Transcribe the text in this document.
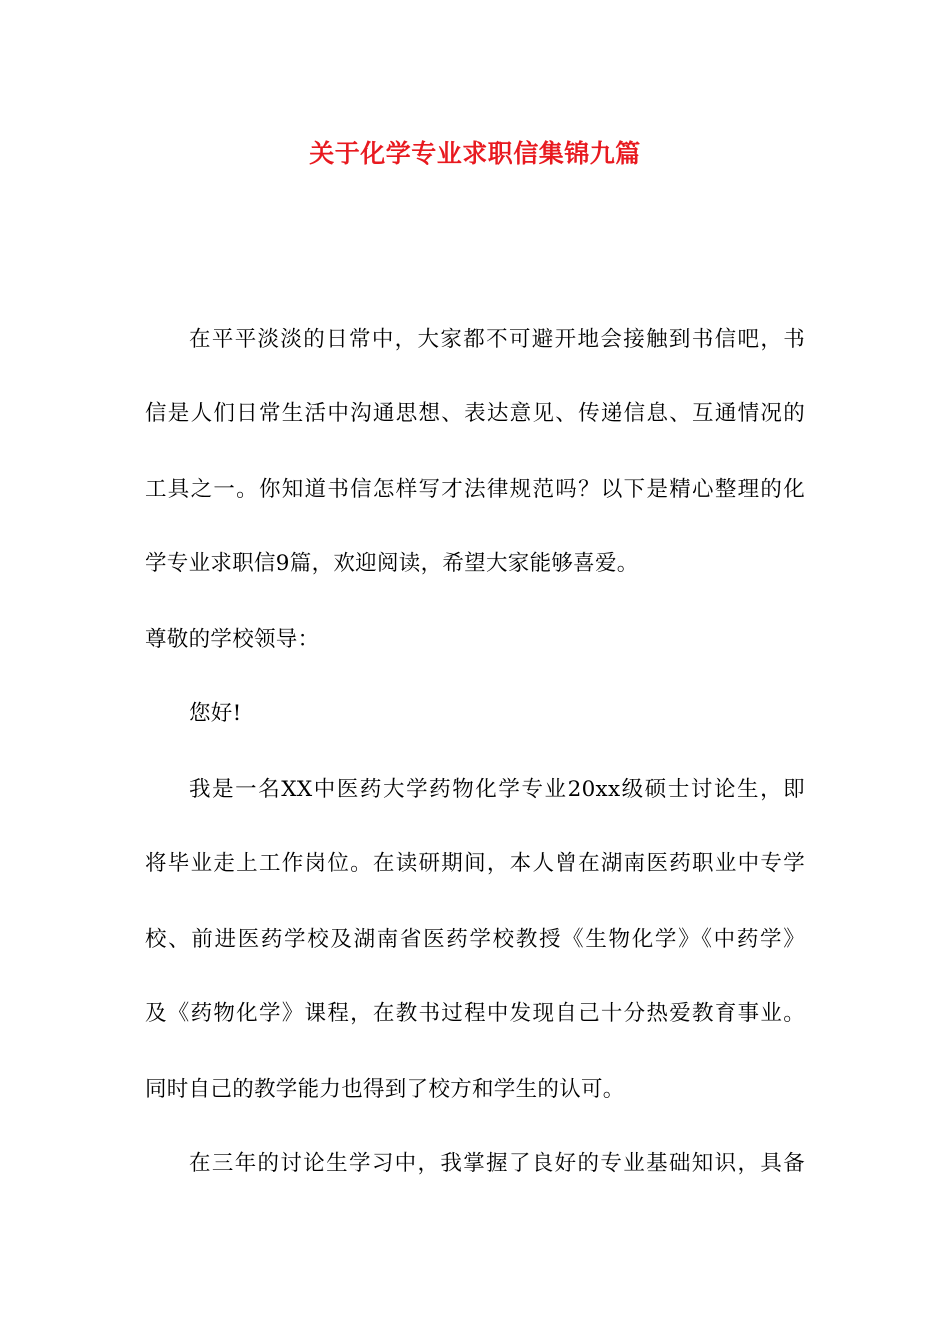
关于化学专业求职信集锦九篇
在平平淡淡的日常中，大家都不可避开地会接触到书信吧，书
信是人们日常生活中沟通思想、表达意见、传递信息、互通情况的
工具之一。你知道书信怎样写才法律规范吗？以下是精心整理的化
学专业求职信9篇，欢迎阅读，希望大家能够喜爱。
尊敬的学校领导：
您好!
我是一名XX中医药大学药物化学专业20xx级硕士讨论生，即
将毕业走上工作岗位。在读研期间，本人曾在湖南医药职业中专学
校、前进医药学校及湖南省医药学校教授《生物化学》《中药学》
及《药物化学》课程，在教书过程中发现自己十分热爱教育事业。
同时自己的教学能力也得到了校方和学生的认可。
在三年的讨论生学习中，我掌握了良好的专业基础知识，具备
